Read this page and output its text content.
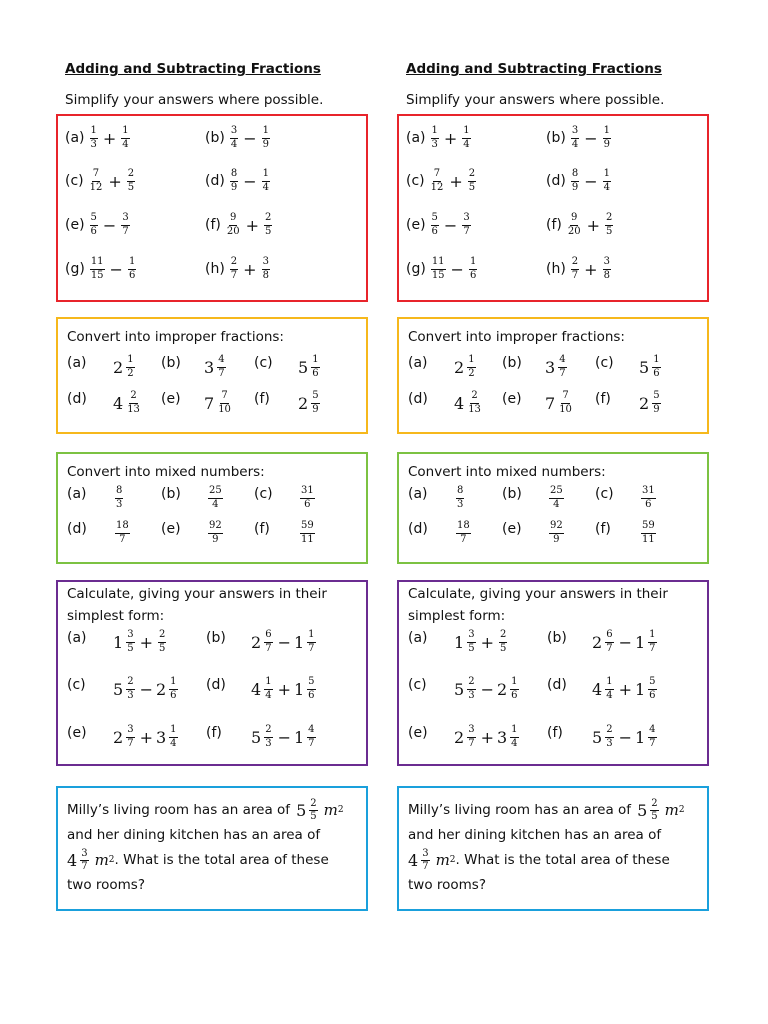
Adding and Subtracting Fractions
Simplify your answers where possible.
$(a) \frac{1}{3} + \frac{1}{4}$	$(b) \frac{3}{4} - \frac{1}{9}$
$(c) \frac{7}{12} + \frac{2}{5}$	$(d) \frac{8}{9} - \frac{1}{4}$
$(e) \frac{5}{6} - \frac{3}{7}$	$(f) \frac{9}{20} + \frac{2}{5}$
$(g) \frac{11}{15} - \frac{1}{6}$	$(h) \frac{2}{7} + \frac{3}{8}$
Convert into improper fractions:
(a) $2 \frac{1}{2} (b)$ $3 \frac{4}{7} (c)$ $5 \frac{1}{6}$
(d) $4 \frac{2}{13} (e)$ $7 \frac{7}{10} (f)$ $2 \frac{5}{9}$
Convert into mixed numbers:
(a)	$\frac{8}{3}$	(b)	$\frac{25}{4} (c)$	$\frac{31}{6}$
(d)	$\frac{18}{7} (e)$	$\frac{92}{9} (f)$	$\frac{59}{11}$
Calculate, giving your answers in their
simplest form:
(a) $1 \frac{3}{5} + \frac{2}{5}$	(b) $2 \frac{6}{7} - 1 \frac{1}{7}$
(c) $5 \frac{2}{3} - 2 \frac{1}{6} (d)$ $4 \frac{1}{4} + 1 \frac{5}{6}$
(e) $2 \frac{3}{7} + 3 \frac{1}{4} (f)$ $5 \frac{2}{3} - 1 \frac{4}{7}$
Milly’s living room has an area of $5 \frac{2}{5}$ m 2
and her dining kitchen has an area of
$4 \frac{3}{7}$ m 2 . What is the total area of these
two rooms?
Adding and Subtracting Fractions
Simplify your answers where possible.
$(a) \frac{1}{3} + \frac{1}{4}$	$(b) \frac{3}{4} - \frac{1}{9}$
$(c) \frac{7}{12} + \frac{2}{5}$	$(d) \frac{8}{9} - \frac{1}{4}$
$(e) \frac{5}{6} - \frac{3}{7}$	$(f) \frac{9}{20} + \frac{2}{5}$
$(g) \frac{11}{15} - \frac{1}{6}$	$(h) \frac{2}{7} + \frac{3}{8}$
Convert into improper fractions:
(a) $2 \frac{1}{2} (b)$ $3 \frac{4}{7} (c)$ $5 \frac{1}{6}$
(d) $4 \frac{2}{13} (e)$ $7 \frac{7}{10} (f)$ $2 \frac{5}{9}$
Convert into mixed numbers:
(a)	$\frac{8}{3}$	(b)	$\frac{25}{4} (c)$	$\frac{31}{6}$
(d)	$\frac{18}{7} (e)$	$\frac{92}{9} (f)$	$\frac{59}{11}$
Calculate, giving your answers in their
simplest form:
(a) $1 \frac{3}{5} + \frac{2}{5}$	(b) $2 \frac{6}{7} - 1 \frac{1}{7}$
(c) $5 \frac{2}{3} - 2 \frac{1}{6} (d)$ $4 \frac{1}{4} + 1 \frac{5}{6}$
(e) $2 \frac{3}{7} + 3 \frac{1}{4} (f)$ $5 \frac{2}{3} - 1 \frac{4}{7}$
Milly’s living room has an area of $5 \frac{2}{5}$ m 2
and her dining kitchen has an area of
$4 \frac{3}{7}$ m 2 . What is the total area of these
two rooms?
